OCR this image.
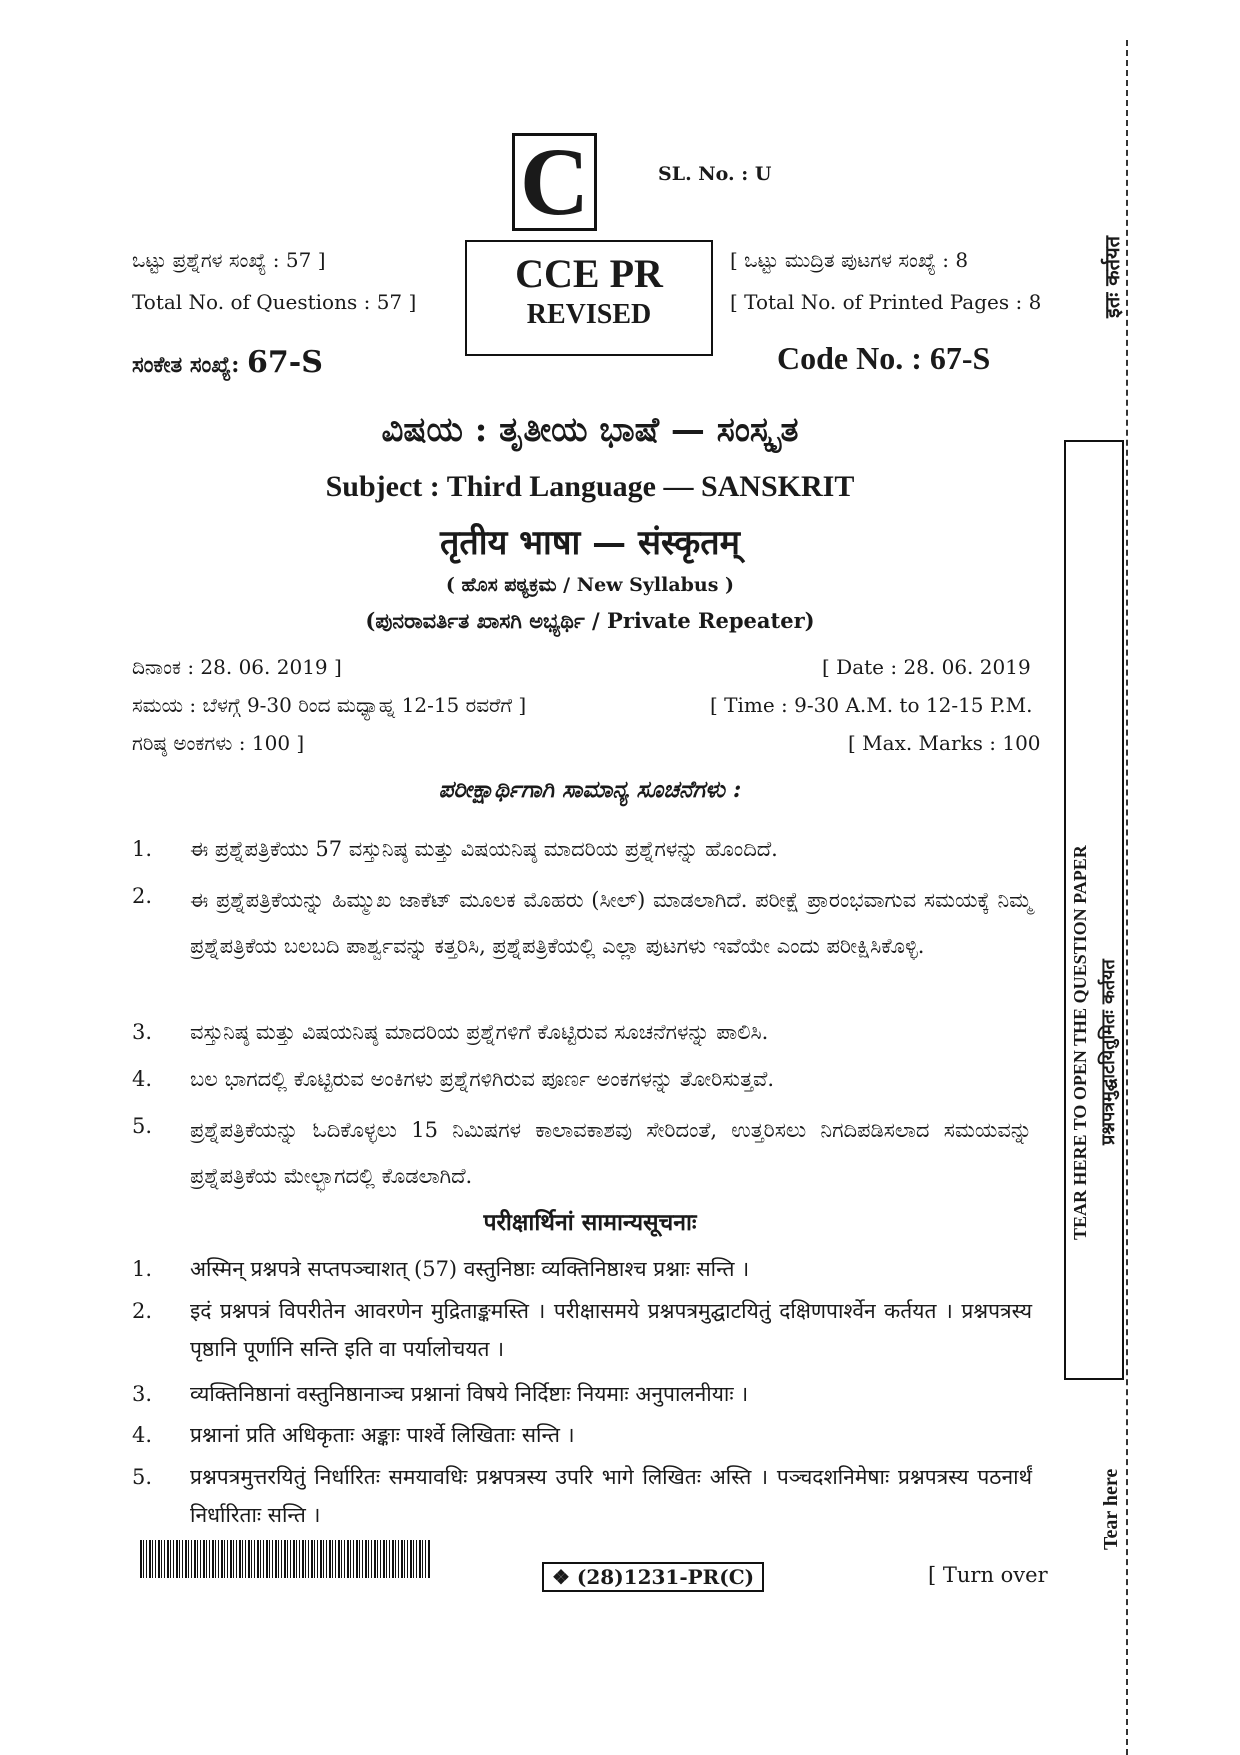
C	SL. No. : U
ಒಟ್ಟು ಪ್ರಶ್ನೆಗಳ ಸಂಖ್ಯೆ : 57 ]
Total No. of Questions : 57 ]
CCE PR
REVISED
[ ಒಟ್ಟು ಮುದ್ರಿತ ಪುಟಗಳ ಸಂಖ್ಯೆ : 8
[ Total No. of Printed Pages : 8
ಸಂಕೇತ ಸಂಖ್ಯೆ: 67-S	Code No. : 67-S
ವಿಷಯ : ತೃತೀಯ ಭಾಷೆ — ಸಂಸ್ಕೃತ
Subject : Third Language — SANSKRIT
तृतीय भाषा — संस्कृतम्
( ಹೊಸ ಪಠ್ಯಕ್ರಮ / New Syllabus )
(ಪುನರಾವರ್ತಿತ ಖಾಸಗಿ ಅಭ್ಯರ್ಥಿ / Private Repeater)
ದಿನಾಂಕ : 28. 06. 2019 ]	[ Date : 28. 06. 2019
ಸಮಯ : ಬೆಳಗ್ಗೆ 9-30 ರಿಂದ ಮಧ್ಯಾಹ್ನ 12-15 ರವರೆಗೆ ]	[ Time : 9-30 A.M. to 12-15 P.M.
ಗರಿಷ್ಠ ಅಂಕಗಳು : 100 ]	[ Max. Marks : 100
ಪರೀಕ್ಷಾರ್ಥಿಗಾಗಿ ಸಾಮಾನ್ಯ ಸೂಚನೆಗಳು :
1.	ಈ ಪ್ರಶ್ನೆಪತ್ರಿಕೆಯು 57 ವಸ್ತುನಿಷ್ಠ ಮತ್ತು ವಿಷಯನಿಷ್ಠ ಮಾದರಿಯ ಪ್ರಶ್ನೆಗಳನ್ನು ಹೊಂದಿದೆ.
2.	ಈ ಪ್ರಶ್ನೆಪತ್ರಿಕೆಯನ್ನು ಹಿಮ್ಮುಖ ಜಾಕೆಟ್ ಮೂಲಕ ಮೊಹರು (ಸೀಲ್) ಮಾಡಲಾಗಿದೆ. ಪರೀಕ್ಷೆ ಪ್ರಾರಂಭವಾಗುವ ಸಮಯಕ್ಕೆ ನಿಮ್ಮ ಪ್ರಶ್ನೆಪತ್ರಿಕೆಯ ಬಲಬದಿ ಪಾರ್ಶ್ವವನ್ನು ಕತ್ತರಿಸಿ, ಪ್ರಶ್ನೆಪತ್ರಿಕೆಯಲ್ಲಿ ಎಲ್ಲಾ ಪುಟಗಳು ಇವೆಯೇ ಎಂದು ಪರೀಕ್ಷಿಸಿಕೊಳ್ಳಿ.
3.	ವಸ್ತುನಿಷ್ಠ ಮತ್ತು ವಿಷಯನಿಷ್ಠ ಮಾದರಿಯ ಪ್ರಶ್ನೆಗಳಿಗೆ ಕೊಟ್ಟಿರುವ ಸೂಚನೆಗಳನ್ನು ಪಾಲಿಸಿ.
4.	ಬಲ ಭಾಗದಲ್ಲಿ ಕೊಟ್ಟಿರುವ ಅಂಕಿಗಳು ಪ್ರಶ್ನೆಗಳಿಗಿರುವ ಪೂರ್ಣ ಅಂಕಗಳನ್ನು ತೋರಿಸುತ್ತವೆ.
5.	ಪ್ರಶ್ನೆಪತ್ರಿಕೆಯನ್ನು ಓದಿಕೊಳ್ಳಲು 15 ನಿಮಿಷಗಳ ಕಾಲಾವಕಾಶವು ಸೇರಿದಂತೆ, ಉತ್ತರಿಸಲು ನಿಗದಿಪಡಿಸಲಾದ ಸಮಯವನ್ನು ಪ್ರಶ್ನೆಪತ್ರಿಕೆಯ ಮೇಲ್ಭಾಗದಲ್ಲಿ ಕೊಡಲಾಗಿದೆ.
परीक्षार्थिनां सामान्यसूचनाः
1.	अस्मिन् प्रश्नपत्रे सप्तपञ्चाशत् (57) वस्तुनिष्ठाः व्यक्तिनिष्ठाश्च प्रश्नाः सन्ति ।
2.	इदं प्रश्नपत्रं विपरीतेन आवरणेन मुद्रिताङ्कमस्ति । परीक्षासमये प्रश्नपत्रमुद्घाटयितुं दक्षिणपार्श्वेन कर्तयत । प्रश्नपत्रस्य पृष्ठानि पूर्णानि सन्ति इति वा पर्यालोचयत ।
3.	व्यक्तिनिष्ठानां वस्तुनिष्ठानाञ्च प्रश्नानां विषये निर्दिष्टाः नियमाः अनुपालनीयाः ।
4.	प्रश्नानां प्रति अधिकृताः अङ्काः पार्श्वे लिखिताः सन्ति ।
5.	प्रश्नपत्रमुत्तरयितुं निर्धारितः समयावधिः प्रश्नपत्रस्य उपरि भागे लिखितः अस्ति । पञ्चदशनिमेषाः प्रश्नपत्रस्य पठनार्थं निर्धारिताः सन्ति ।
❖ (28)1231-PR(C)	[ Turn over
इतः कर्तयत
TEAR HERE TO OPEN THE QUESTION PAPER प्रश्नपत्रमुद्घाटयितुमितः कर्तयत
Tear here
